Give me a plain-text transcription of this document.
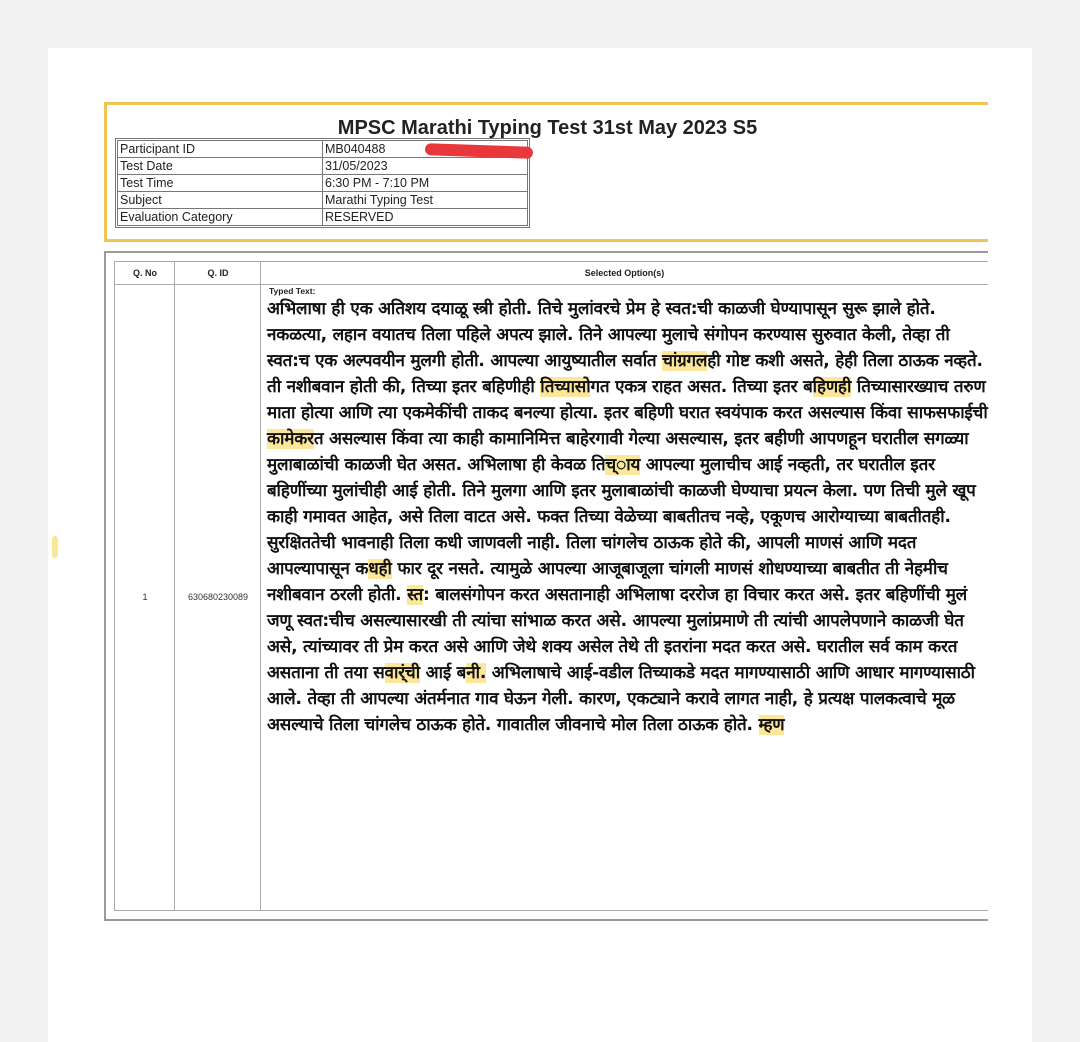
MPSC Marathi Typing Test 31st May 2023 S5
Participant ID	MB040488
Test Date	31/05/2023
Test Time	6:30 PM - 7:10 PM
Subject	Marathi Typing Test
Evaluation Category	RESERVED
Q. No	Q. ID	Selected Option(s)
1	630680230089
Typed Text:
अभिलाषा ही एक अतिशय दयाळू स्त्री होती. तिचे मुलांवरचे प्रेम हे स्वत:ची काळजी घेण्यापासून सुरू झाले होते. नकळत्या, लहान वयातच तिला पहिले अपत्य झाले. तिने आपल्या मुलाचे संगोपन करण्यास सुरुवात केली, तेव्हा ती स्वत:च एक अल्पवयीन मुलगी होती. आपल्या आयुष्यातील सर्वात चांग्रगलही गोष्ट कशी असते, हेही तिला ठाऊक नव्हते. ती नशीबवान होती की, तिच्या इतर बहिणीही तिच्यासोगत एकत्र राहत असत. तिच्या इतर बहिणही तिच्यासारख्याच तरुण माता होत्या आणि त्या एकमेकींची ताकद बनल्या होत्या. इतर बहिणी घरात स्वयंपाक करत असल्यास किंवा साफसफाईची कामेकरत असल्यास किंवा त्या काही कामानिमित्त बाहेरगावी गेल्या असल्यास, इतर बहीणी आपणहून घरातील सगळ्या मुलाबाळांची काळजी घेत असत. अभिलाषा ही केवळ तिच्ाय आपल्या मुलाचीच आई नव्हती, तर घरातील इतर बहिणींच्या मुलांचीही आई होती. तिने मुलगा आणि इतर मुलाबाळांची काळजी घेण्याचा प्रयत्न केला. पण तिची मुले खूप काही गमावत आहेत, असे तिला वाटत असे. फक्त तिच्या वेळेच्या बाबतीतच नव्हे, एकूणच आरोग्याच्या बाबतीतही. सुरक्षिततेची भावनाही तिला कधी जाणवली नाही. तिला चांगलेच ठाऊक होते की, आपली माणसं आणि मदत आपल्यापासून कधही फार दूर नसते. त्यामुळे आपल्या आजूबाजूला चांगली माणसं शोधण्याच्या बाबतीत ती नेहमीच नशीबवान ठरली होती. स्त: बालसंगोपन करत असतानाही अभिलाषा दररोज हा विचार करत असे. इतर बहिणींची मुलं जणू स्वत:चीच असल्यासारखी ती त्यांचा सांभाळ करत असे. आपल्या मुलांप्रमाणे ती त्यांची आपलेपणाने काळजी घेत असे, त्यांच्यावर ती प्रेम करत असे आणि जेथे शक्य असेल तेथे ती इतरांना मदत करत असे. घरातील सर्व काम करत असताना ती तया सवार्ंची आई बनी. अभिलाषाचे आई-वडील तिच्याकडे मदत मागण्यासाठी आणि आधार मागण्यासाठी आले. तेव्हा ती आपल्या अंतर्मनात गाव घेऊन गेली. कारण, एकट्याने करावे लागत नाही, हे प्रत्यक्ष पालकत्वाचे मूळ असल्याचे तिला चांगलेच ठाऊक होते. गावातील जीवनाचे मोल तिला ठाऊक होते. म्हण
